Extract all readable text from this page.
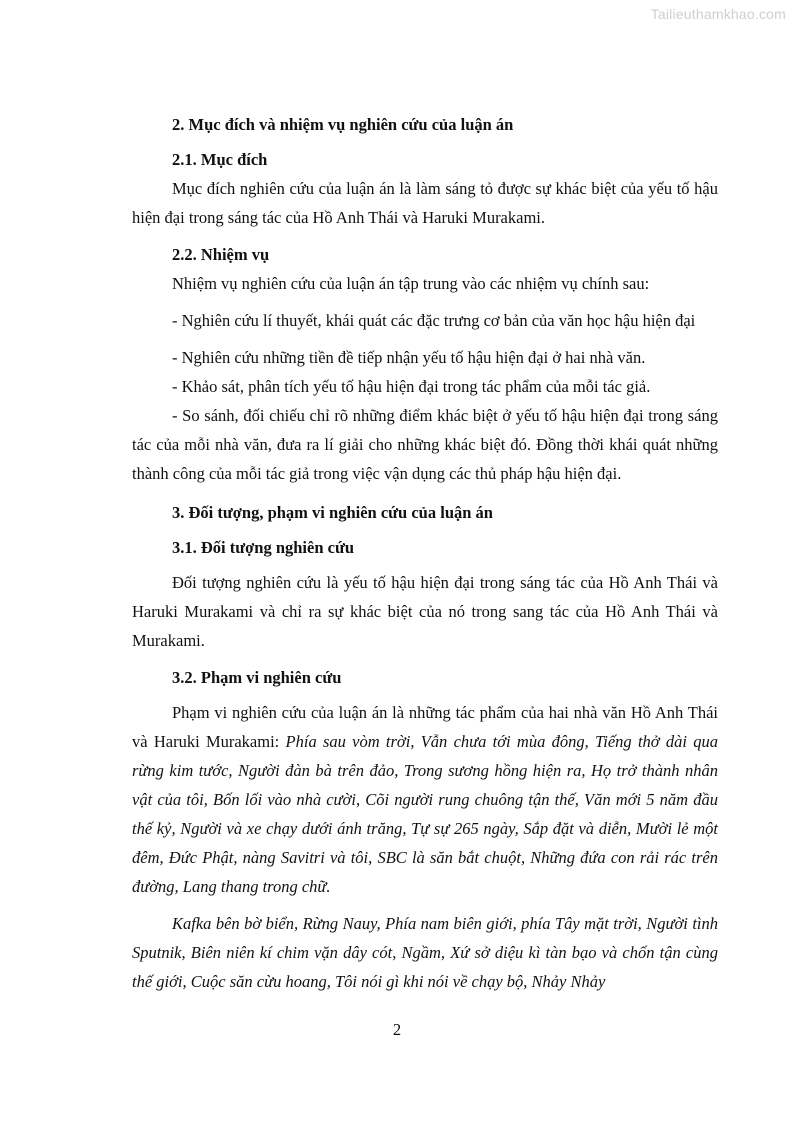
Tailieuthamkhao.com

2. Mục đích và nhiệm vụ nghiên cứu của luận án

2.1. Mục đích

Mục đích nghiên cứu của luận án là làm sáng tỏ được sự khác biệt của yếu tố hậu hiện đại trong sáng tác của Hồ Anh Thái và Haruki Murakami.

2.2. Nhiệm vụ

Nhiệm vụ nghiên cứu của luận án tập trung vào các nhiệm vụ chính sau:

- Nghiên cứu lí thuyết, khái quát các đặc trưng cơ bản của văn học hậu hiện đại

- Nghiên cứu những tiền đề tiếp nhận yếu tố hậu hiện đại ở hai nhà văn.

- Khảo sát, phân tích yếu tố hậu hiện đại trong tác phẩm của mỗi tác giả.

- So sánh, đối chiếu chỉ rõ những điểm khác biệt ở yếu tố hậu hiện đại trong sáng tác của mỗi nhà văn, đưa ra lí giải cho những khác biệt đó. Đồng thời khái quát những thành công của mỗi tác giả trong việc vận dụng các thủ pháp hậu hiện đại.

3. Đối tượng, phạm vi nghiên cứu của luận án

3.1. Đối tượng nghiên cứu

Đối tượng nghiên cứu là yếu tố hậu hiện đại trong sáng tác của Hồ Anh Thái và Haruki Murakami và chỉ ra sự khác biệt của nó trong sang tác của Hồ Anh Thái và Murakami.

3.2. Phạm vi nghiên cứu

Phạm vi nghiên cứu của luận án là những tác phẩm của hai nhà văn Hồ Anh Thái và Haruki Murakami: Phía sau vòm trời, Vẫn chưa tới mùa đông, Tiếng thở dài qua rừng kim tước, Người đàn bà trên đảo, Trong sương hồng hiện ra, Họ trở thành nhân vật của tôi, Bốn lối vào nhà cười, Cõi người rung chuông tận thế, Văn mới 5 năm đầu thế kỷ, Người và xe chạy dưới ánh trăng, Tự sự 265 ngày, Sắp đặt và diễn, Mười lẻ một đêm, Đức Phật, nàng Savitri và tôi, SBC là săn bắt chuột, Những đứa con rải rác trên đường, Lang thang trong chữ.

Kafka bên bờ biển, Rừng Nauy, Phía nam biên giới, phía Tây mặt trời, Người tình Sputnik, Biên niên kí chim vặn dây cót, Ngầm, Xứ sở diệu kì tàn bạo và chốn tận cùng thế giới, Cuộc săn cừu hoang, Tôi nói gì khi nói về chạy bộ, Nhảy Nhảy

2
